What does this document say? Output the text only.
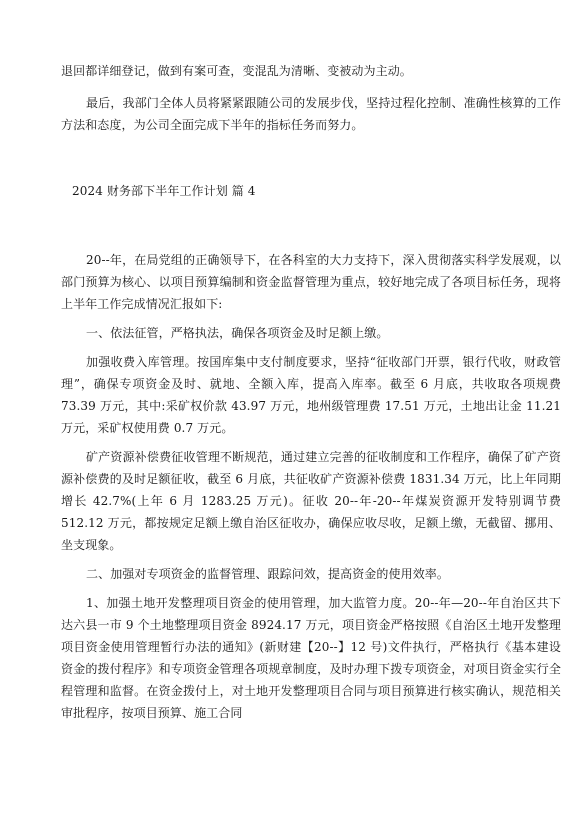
退回都详细登记，做到有案可查，变混乱为清晰、变被动为主动。

最后，我部门全体人员将紧紧跟随公司的发展步伐，坚持过程化控制、准确性核算的工作方法和态度，为公司全面完成下半年的指标任务而努力。

2024 财务部下半年工作计划 篇 4

20--年，在局党组的正确领导下，在各科室的大力支持下，深入贯彻落实科学发展观，以部门预算为核心、以项目预算编制和资金监督管理为重点，较好地完成了各项目标任务，现将上半年工作完成情况汇报如下:

一、依法征管，严格执法，确保各项资金及时足额上缴。

加强收费入库管理。按国库集中支付制度要求，坚持“征收部门开票，银行代收，财政管理”，确保专项资金及时、就地、全额入库，提高入库率。截至 6 月底，共收取各项规费 73.39 万元，其中:采矿权价款 43.97 万元，地州级管理费 17.51 万元，土地出让金 11.21 万元，采矿权使用费 0.7 万元。

矿产资源补偿费征收管理不断规范，通过建立完善的征收制度和工作程序，确保了矿产资源补偿费的及时足额征收，截至 6 月底，共征收矿产资源补偿费 1831.34 万元，比上年同期增长 42.7%(上年 6 月 1283.25 万元)。征收 20--年-20--年煤炭资源开发特别调节费 512.12 万元，都按规定足额上缴自治区征收办，确保应收尽收，足额上缴，无截留、挪用、坐支现象。

二、加强对专项资金的监督管理、跟踪问效，提高资金的使用效率。

1、加强土地开发整理项目资金的使用管理，加大监管力度。20--年—20--年自治区共下达六县一市 9 个土地整理项目资金 8924.17 万元，项目资金严格按照《自治区土地开发整理项目资金使用管理暂行办法的通知》(新财建【20--】12 号)文件执行，严格执行《基本建设资金的拨付程序》和专项资金管理各项规章制度，及时办理下拨专项资金，对项目资金实行全程管理和监督。在资金拨付上，对土地开发整理项目合同与项目预算进行核实确认，规范相关审批程序，按项目预算、施工合同
